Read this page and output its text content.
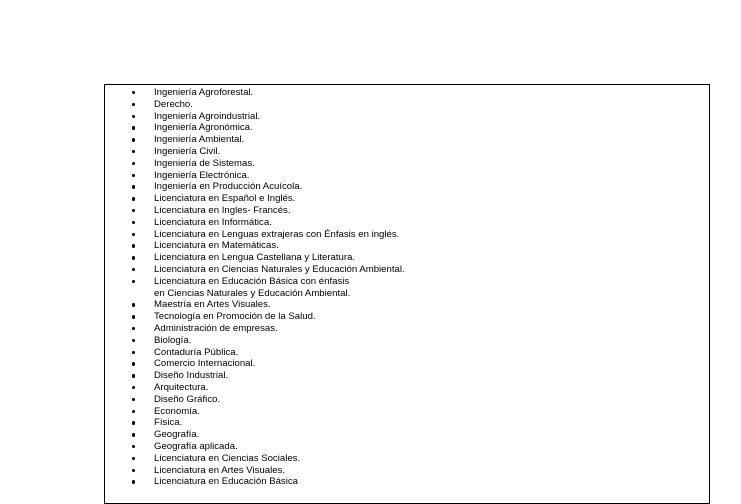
Ingeniería Agroforestal.
Derecho.
Ingeniería Agroindustrial.
Ingeniería Agronómica.
Ingeniería Ambiental.
Ingeniería Civil.
Ingeniería de Sistemas.
Ingeniería Electrónica.
Ingeniería en Producción Acuícola.
Licenciatura en Español e Inglés.
Licenciatura en Ingles- Francés.
Licenciatura en Informática.
Licenciatura en Lenguas extrajeras con Énfasis en inglés.
Licenciatura en Matemáticas.
Licenciatura en Lengua Castellana y Literatura.
Licenciatura en Ciencias Naturales y Educación Ambiental.
Licenciatura en Educación Básica con énfasis
en Ciencias Naturales y Educación Ambiental.
Maestría en Artes Visuales.
Tecnología en Promoción de la Salud.
Administración de empresas.
Biología.
Contaduría Pública.
Comercio Internacional.
Diseño Industrial.
Arquitectura.
Diseño Gráfico.
Economía.
Física.
Geografía.
Geografía aplicada.
Licenciatura en Ciencias Sociales.
Licenciatura en Artes Visuales.
Licenciatura en Educación Básica
